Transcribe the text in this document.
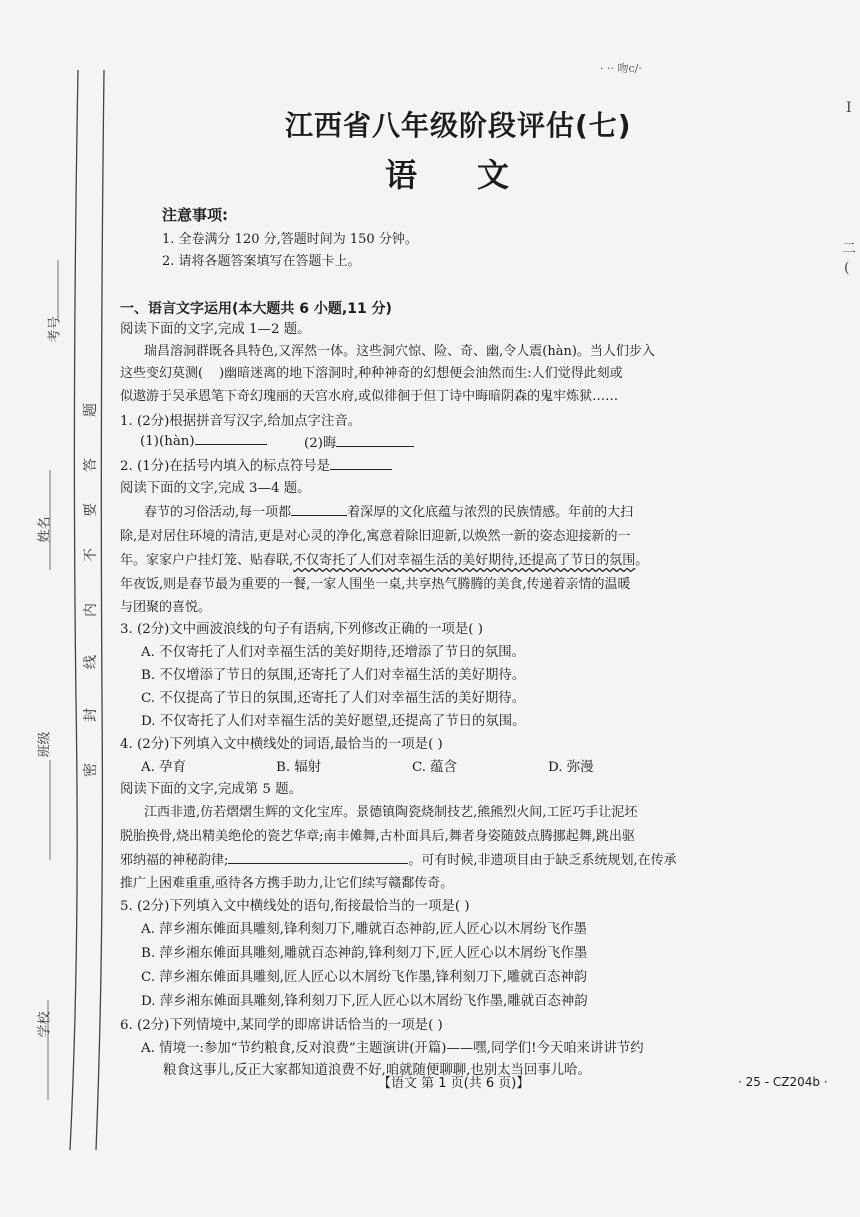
考号
姓名
班级
学校
题
答
要
不
内
线
封
密
I
二
(
· ·· 吻c/·
江西省八年级阶段评估(七)
语文
注意事项:
1. 全卷满分 120 分,答题时间为 150 分钟。
2. 请将各题答案填写在答题卡上。
一、语言文字运用(本大题共 6 小题,11 分)
阅读下面的文字,完成 1—2 题。
瑞昌溶洞群既各具特色,又浑然一体。这些洞穴惊、险、奇、幽,令人震(hàn)。当人们步入
这些变幻莫测( )幽暗迷离的地下溶洞时,种种神奇的幻想便会油然而生:人们觉得此刻或
似遨游于吴承恩笔下奇幻瑰丽的天宫水府,或似徘徊于但丁诗中晦暗阴森的鬼牢炼狱……
1. (2分)根据拼音写汉字,给加点字注音。
(1)(hàn)	(2)晦
2. (1分)在括号内填入的标点符号是
阅读下面的文字,完成 3—4 题。
春节的习俗活动,每一项都	着深厚的文化底蕴与浓烈的民族情感。年前的大扫
除,是对居住环境的清洁,更是对心灵的净化,寓意着除旧迎新,以焕然一新的姿态迎接新的一
年。家家户户挂灯笼、贴春联,不仅寄托了人们对幸福生活的美好期待,还提高了节日的氛围。
年夜饭,则是春节最为重要的一餐,一家人围坐一桌,共享热气腾腾的美食,传递着亲情的温暖
与团聚的喜悦。
3. (2分)文中画波浪线的句子有语病,下列修改正确的一项是( )
A. 不仅寄托了人们对幸福生活的美好期待,还增添了节日的氛围。
B. 不仅增添了节日的氛围,还寄托了人们对幸福生活的美好期待。
C. 不仅提高了节日的氛围,还寄托了人们对幸福生活的美好期待。
D. 不仅寄托了人们对幸福生活的美好愿望,还提高了节日的氛围。
4. (2分)下列填入文中横线处的词语,最恰当的一项是( )
A. 孕育	B. 辐射	C. 蕴含	D. 弥漫
阅读下面的文字,完成第 5 题。
江西非遗,仿若熠熠生辉的文化宝库。景德镇陶瓷烧制技艺,熊熊烈火间,工匠巧手让泥坯
脱胎换骨,烧出精美绝伦的瓷艺华章;南丰傩舞,古朴面具后,舞者身姿随鼓点腾挪起舞,跳出驱
邪纳福的神秘韵律;	。可有时候,非遗项目由于缺乏系统规划,在传承
推广上困难重重,亟待各方携手助力,让它们续写赣鄱传奇。
5. (2分)下列填入文中横线处的语句,衔接最恰当的一项是( )
A. 萍乡湘东傩面具雕刻,锋利刻刀下,雕就百态神韵,匠人匠心以木屑纷飞作墨
B. 萍乡湘东傩面具雕刻,雕就百态神韵,锋利刻刀下,匠人匠心以木屑纷飞作墨
C. 萍乡湘东傩面具雕刻,匠人匠心以木屑纷飞作墨,锋利刻刀下,雕就百态神韵
D. 萍乡湘东傩面具雕刻,锋利刻刀下,匠人匠心以木屑纷飞作墨,雕就百态神韵
6. (2分)下列情境中,某同学的即席讲话恰当的一项是( )
A. 情境一:参加“节约粮食,反对浪费”主题演讲(开篇)——嘿,同学们!今天咱来讲讲节约
粮食这事儿,反正大家都知道浪费不好,咱就随便聊聊,也别太当回事儿哈。
【语文 第 1 页(共 6 页)】	· 25 - CZ204b ·
